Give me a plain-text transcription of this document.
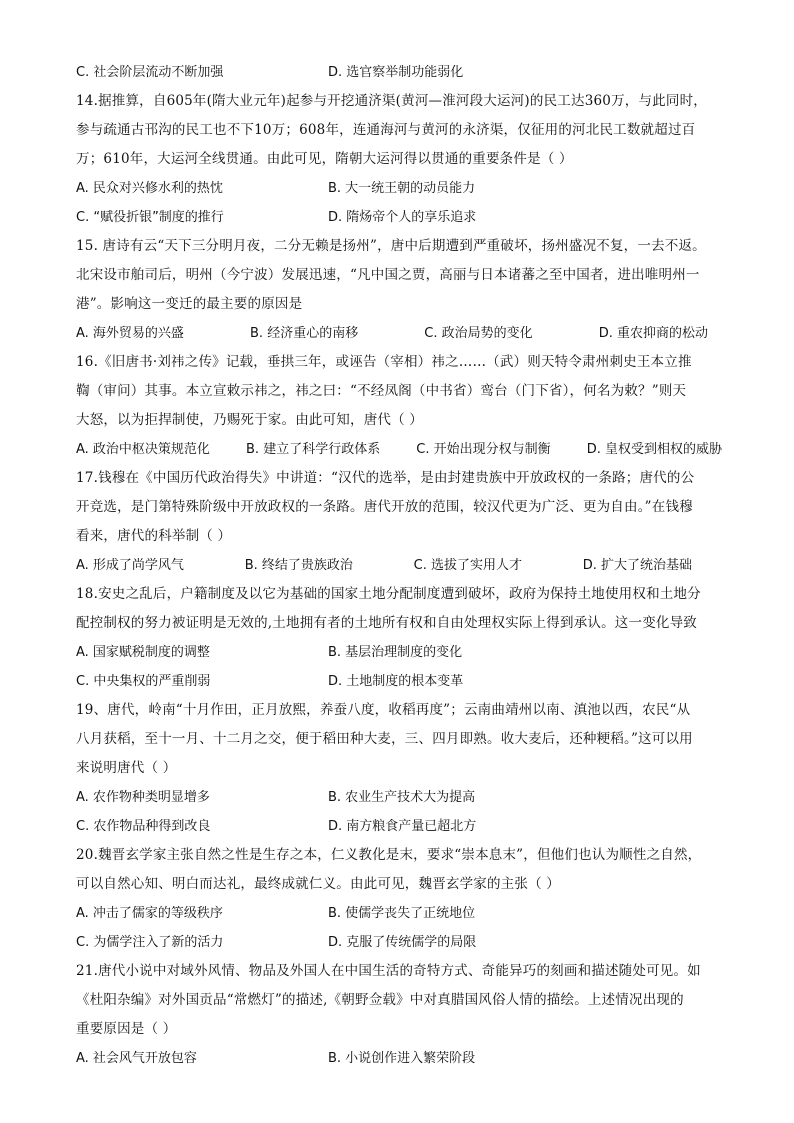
C. 社会阶层流动不断加强	D. 选官察举制功能弱化
14.据推算，自605年(隋大业元年)起参与开挖通济渠(黄河—淮河段大运河)的民工达360万，与此同时，
参与疏通古邗沟的民工也不下10万；608年，连通海河与黄河的永济渠，仅征用的河北民工数就超过百
万；610年，大运河全线贯通。由此可见，隋朝大运河得以贯通的重要条件是（ ）
A. 民众对兴修水利的热忱	B. 大一统王朝的动员能力
C. “赋役折银”制度的推行	D. 隋炀帝个人的享乐追求
15. 唐诗有云“天下三分明月夜，二分无赖是扬州”，唐中后期遭到严重破坏，扬州盛况不复，一去不返。
北宋设市舶司后，明州（今宁波）发展迅速，“凡中国之贾，高丽与日本诸蕃之至中国者，进出唯明州一
港”。影响这一变迁的最主要的原因是
A. 海外贸易的兴盛	B. 经济重心的南移	C. 政治局势的变化	D. 重农抑商的松动
16.《旧唐书·刘祎之传》记载，垂拱三年，或诬告（宰相）祎之……（武）则天特令肃州刺史王本立推
鞫（审问）其事。本立宣敕示祎之，祎之曰：“不经凤阁（中书省）鸾台（门下省），何名为敕？”则天
大怒，以为拒捍制使，乃赐死于家。由此可知，唐代（ ）
A. 政治中枢决策规范化	B. 建立了科学行政体系	C. 开始出现分权与制衡	D. 皇权受到相权的威胁
17.钱穆在《中国历代政治得失》中讲道：“汉代的选举，是由封建贵族中开放政权的一条路；唐代的公
开竞选，是门第特殊阶级中开放政权的一条路。唐代开放的范围，较汉代更为广泛、更为自由。”在钱穆
看来，唐代的科举制（ ）
A. 形成了尚学风气	B. 终结了贵族政治	C. 选拔了实用人才	D. 扩大了统治基础
18.安史之乱后，户籍制度及以它为基础的国家土地分配制度遭到破坏，政府为保持土地使用权和土地分
配控制权的努力被证明是无效的,土地拥有者的土地所有权和自由处理权实际上得到承认。这一变化导致
A. 国家赋税制度的调整	B. 基层治理制度的变化
C. 中央集权的严重削弱	D. 土地制度的根本变革
19、唐代，岭南“十月作田，正月放熙，养蚕八度，收稻再度”；云南曲靖州以南、滇池以西，农民“从
八月获稻，至十一月、十二月之交，便于稻田种大麦，三、四月即熟。收大麦后，还种粳稻。”这可以用
来说明唐代（ ）
A. 农作物种类明显增多	B. 农业生产技术大为提高
C. 农作物品种得到改良	D. 南方粮食产量已超北方
20.魏晋玄学家主张自然之性是生存之本，仁义教化是末，要求“崇本息末”，但他们也认为顺性之自然，
可以自然心知、明白而达礼，最终成就仁义。由此可见，魏晋玄学家的主张（ ）
A. 冲击了儒家的等级秩序	B. 使儒学丧失了正统地位
C. 为儒学注入了新的活力	D. 克服了传统儒学的局限
21.唐代小说中对域外风情、物品及外国人在中国生活的奇特方式、奇能异巧的刻画和描述随处可见。如
《杜阳杂编》对外国贡品“常燃灯”的描述,《朝野佥载》中对真腊国风俗人情的描绘。上述情况出现的
重要原因是（ ）
A. 社会风气开放包容	B. 小说创作进入繁荣阶段
